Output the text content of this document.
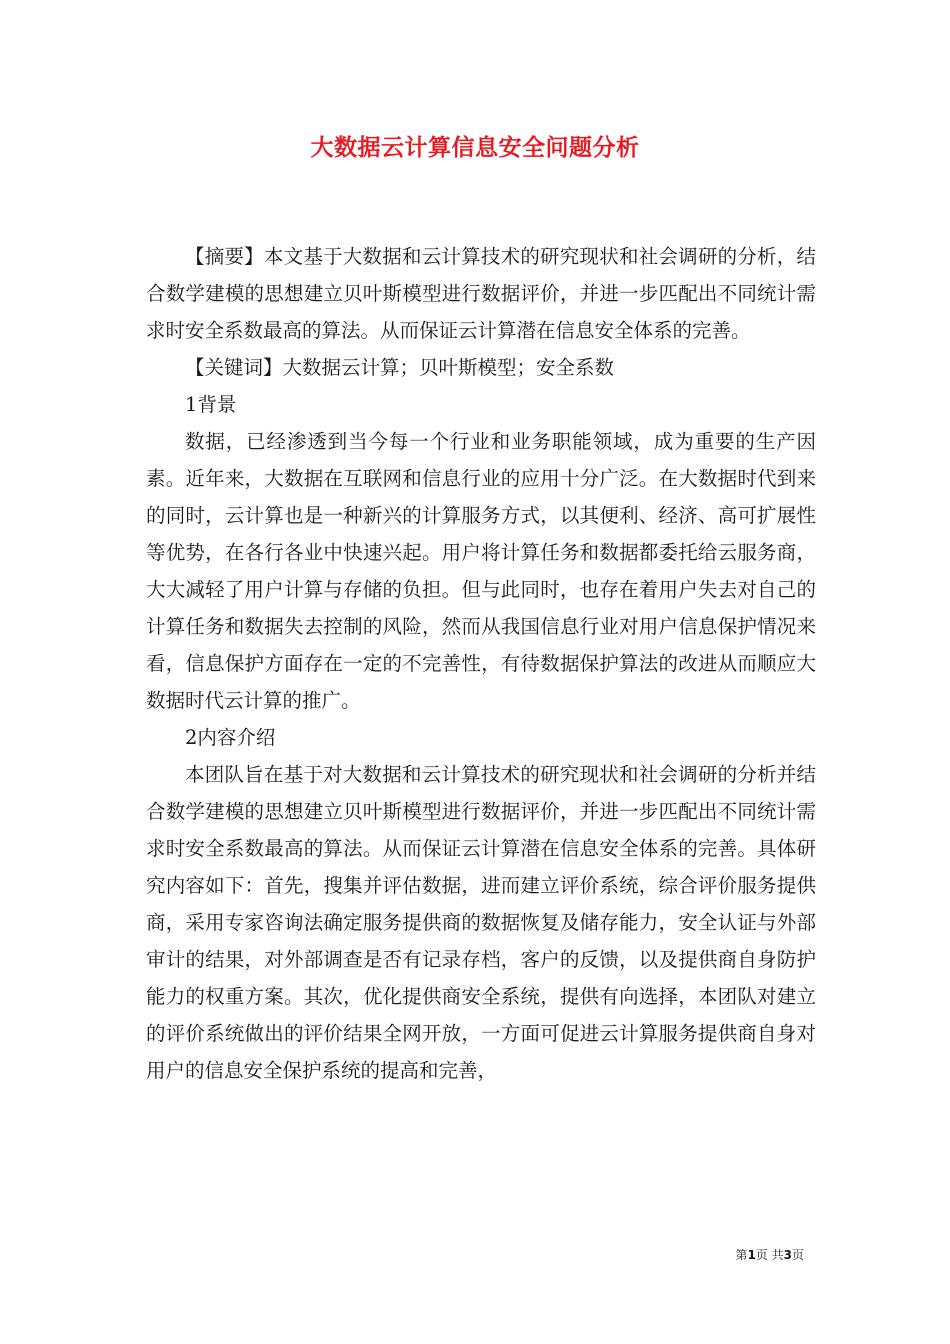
大数据云计算信息安全问题分析

【摘要】本文基于大数据和云计算技术的研究现状和社会调研的分析，结合数学建模的思想建立贝叶斯模型进行数据评价，并进一步匹配出不同统计需求时安全系数最高的算法。从而保证云计算潜在信息安全体系的完善。

【关键词】大数据云计算；贝叶斯模型；安全系数

1背景

数据，已经渗透到当今每一个行业和业务职能领域，成为重要的生产因素。近年来，大数据在互联网和信息行业的应用十分广泛。在大数据时代到来的同时，云计算也是一种新兴的计算服务方式，以其便利、经济、高可扩展性等优势，在各行各业中快速兴起。用户将计算任务和数据都委托给云服务商，大大减轻了用户计算与存储的负担。但与此同时，也存在着用户失去对自己的计算任务和数据失去控制的风险，然而从我国信息行业对用户信息保护情况来看，信息保护方面存在一定的不完善性，有待数据保护算法的改进从而顺应大数据时代云计算的推广。

2内容介绍

本团队旨在基于对大数据和云计算技术的研究现状和社会调研的分析并结合数学建模的思想建立贝叶斯模型进行数据评价，并进一步匹配出不同统计需求时安全系数最高的算法。从而保证云计算潜在信息安全体系的完善。具体研究内容如下：首先，搜集并评估数据，进而建立评价系统，综合评价服务提供商，采用专家咨询法确定服务提供商的数据恢复及储存能力，安全认证与外部审计的结果，对外部调查是否有记录存档，客户的反馈，以及提供商自身防护能力的权重方案。其次，优化提供商安全系统，提供有向选择，本团队对建立的评价系统做出的评价结果全网开放，一方面可促进云计算服务提供商自身对用户的信息安全保护系统的提高和完善，

第1页 共3页
